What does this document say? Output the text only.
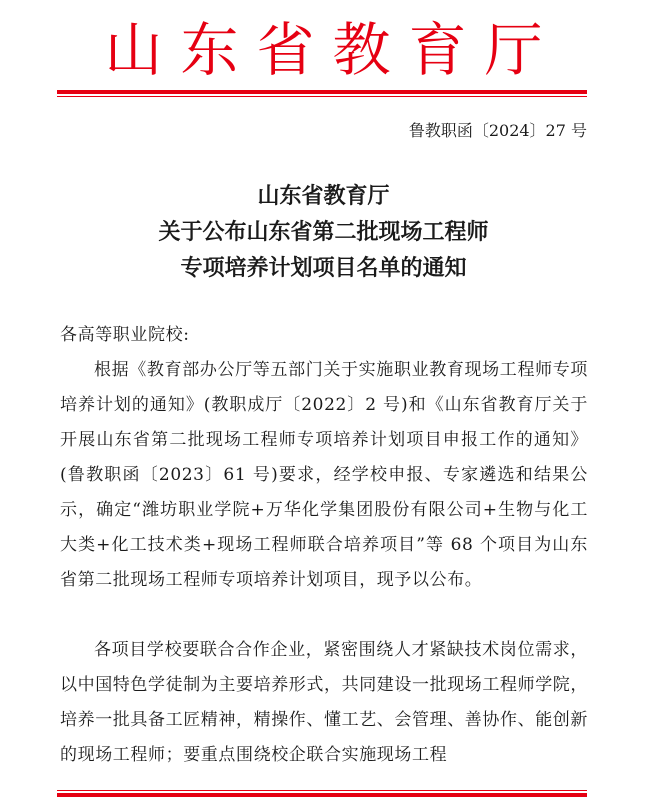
山东省教育厅
鲁教职函〔2024〕27 号
山东省教育厅
关于公布山东省第二批现场工程师
专项培养计划项目名单的通知
各高等职业院校:
根据《教育部办公厅等五部门关于实施职业教育现场工程师专项培养计划的通知》(教职成厅〔2022〕2 号)和《山东省教育厅关于开展山东省第二批现场工程师专项培养计划项目申报工作的通知》(鲁教职函〔2023〕61 号)要求，经学校申报、专家遴选和结果公示，确定“潍坊职业学院+万华化学集团股份有限公司+生物与化工大类+化工技术类+现场工程师联合培养项目”等 68 个项目为山东省第二批现场工程师专项培养计划项目，现予以公布。
各项目学校要联合合作企业，紧密围绕人才紧缺技术岗位需求，以中国特色学徒制为主要培养形式，共同建设一批现场工程师学院，培养一批具备工匠精神，精操作、懂工艺、会管理、善协作、能创新的现场工程师；要重点围绕校企联合实施现场工程
